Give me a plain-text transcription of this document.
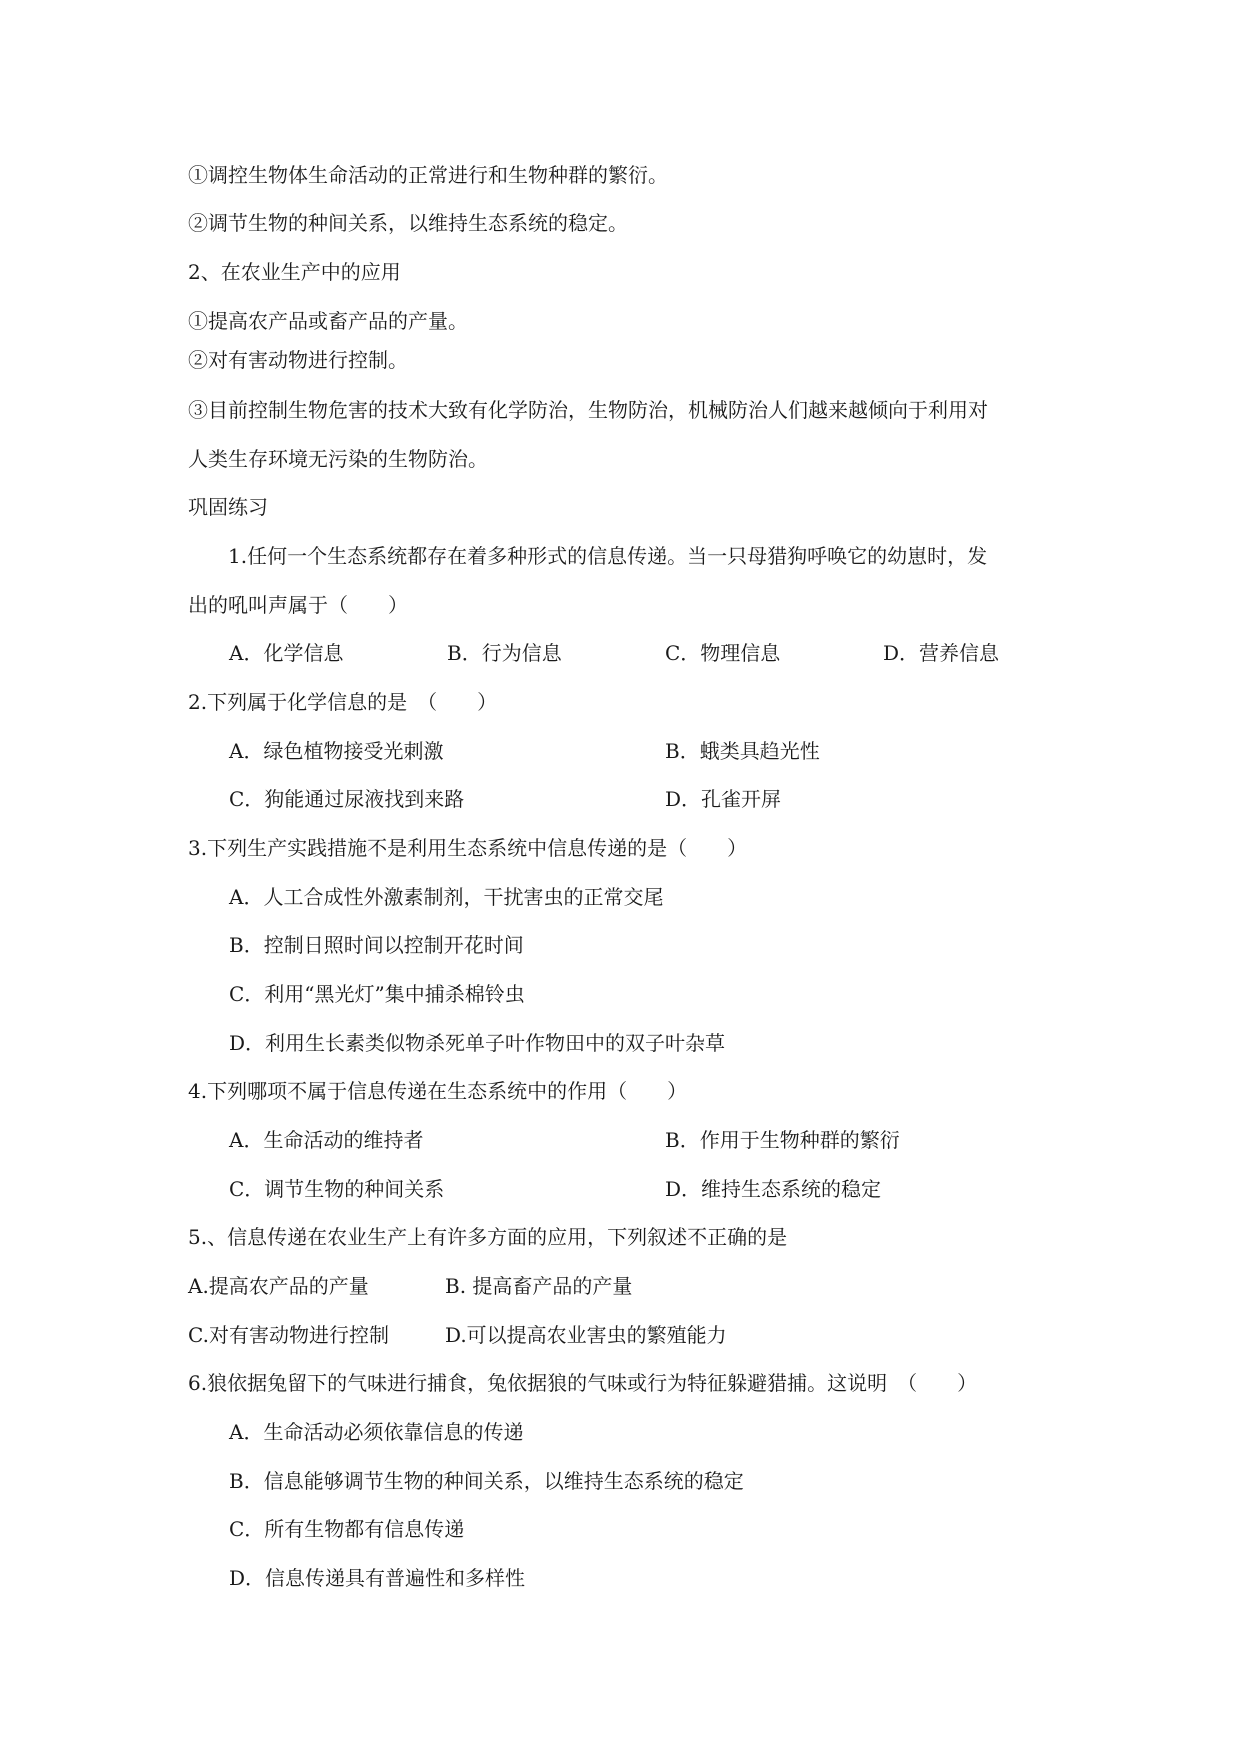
①调控生物体生命活动的正常进行和生物种群的繁衍。
②调节生物的种间关系，以维持生态系统的稳定。
2、在农业生产中的应用
①提高农产品或畜产品的产量。
②对有害动物进行控制。
③目前控制生物危害的技术大致有化学防治，生物防治，机械防治人们越来越倾向于利用对
人类生存环境无污染的生物防治。
巩固练习
1.任何一个生态系统都存在着多种形式的信息传递。当一只母猎狗呼唤它的幼崽时，发
出的吼叫声属于（　　）
A．化学信息	B．行为信息	C．物理信息	D．营养信息
2.下列属于化学信息的是　（　　）
A．绿色植物接受光刺激	B．蛾类具趋光性
C．狗能通过尿液找到来路	D．孔雀开屏
3.下列生产实践措施不是利用生态系统中信息传递的是（　　）
A．人工合成性外激素制剂，干扰害虫的正常交尾
B．控制日照时间以控制开花时间
C．利用“黑光灯”集中捕杀棉铃虫
D．利用生长素类似物杀死单子叶作物田中的双子叶杂草
4.下列哪项不属于信息传递在生态系统中的作用（　　）
A．生命活动的维持者	B．作用于生物种群的繁衍
C．调节生物的种间关系	D．维持生态系统的稳定
5.、信息传递在农业生产上有许多方面的应用，下列叙述不正确的是
A.提高农产品的产量	B. 提高畜产品的产量
C.对有害动物进行控制	D.可以提高农业害虫的繁殖能力
6.狼依据兔留下的气味进行捕食，兔依据狼的气味或行为特征躲避猎捕。这说明　（　　）
A．生命活动必须依靠信息的传递
B．信息能够调节生物的种间关系，以维持生态系统的稳定
C．所有生物都有信息传递
D．信息传递具有普遍性和多样性
